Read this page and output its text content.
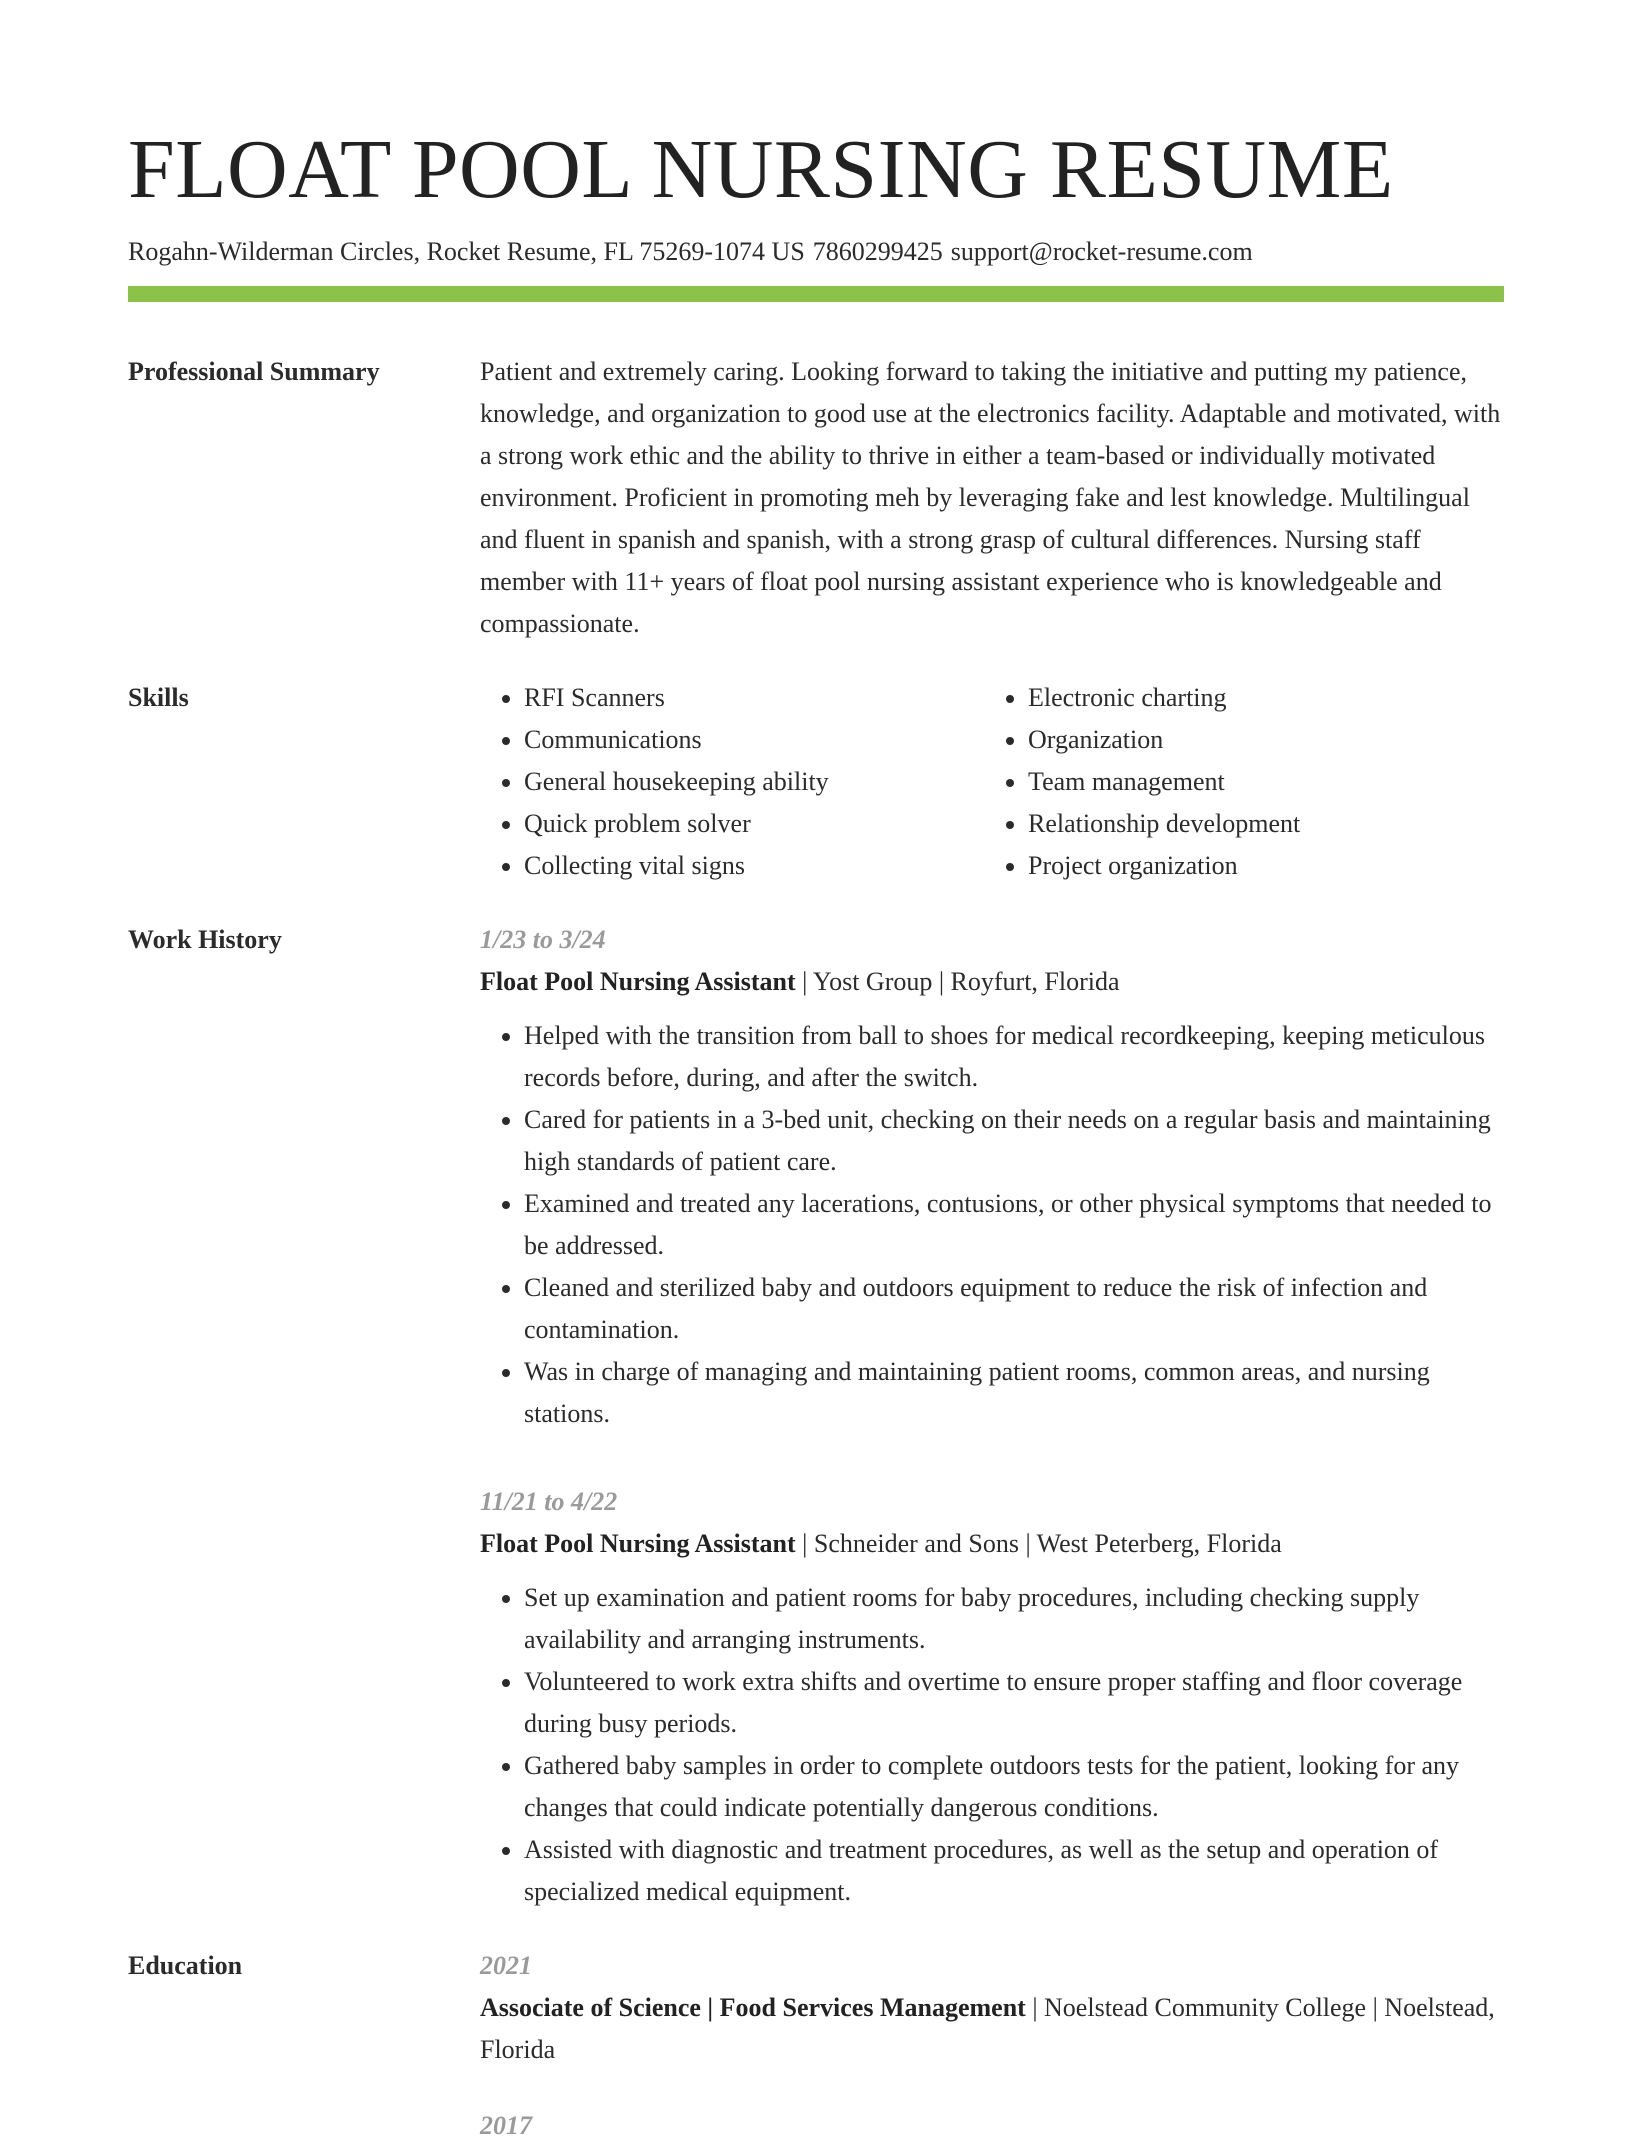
FLOAT POOL NURSING RESUME
Rogahn-Wilderman Circles, Rocket Resume, FL 75269-1074 US 7860299425 support@rocket-resume.com
Professional Summary	Patient and extremely caring. Looking forward to taking the initiative and putting my patience, knowledge, and organization to good use at the electronics facility. Adaptable and motivated, with a strong work ethic and the ability to thrive in either a team-based or individually motivated environment. Proficient in promoting meh by leveraging fake and lest knowledge. Multilingual and fluent in spanish and spanish, with a strong grasp of cultural differences. Nursing staff member with 11+ years of float pool nursing assistant experience who is knowledgeable and compassionate.
Skills
•	RFI Scanners
• Communications
• General housekeeping ability
• Quick problem solver
• Collecting vital signs
• Electronic charting
• Organization
• Team management
• Relationship development
• Project organization
Work History	1/23 to 3/24
Float Pool Nursing Assistant | Yost Group | Royfurt, Florida
• Helped with the transition from ball to shoes for medical recordkeeping, keeping meticulous records before, during, and after the switch.
• Cared for patients in a 3-bed unit, checking on their needs on a regular basis and maintaining high standards of patient care.
• Examined and treated any lacerations, contusions, or other physical symptoms that needed to be addressed.
• Cleaned and sterilized baby and outdoors equipment to reduce the risk of infection and contamination.
• Was in charge of managing and maintaining patient rooms, common areas, and nursing stations.
11/21 to 4/22
Float Pool Nursing Assistant | Schneider and Sons | West Peterberg, Florida
• Set up examination and patient rooms for baby procedures, including checking supply availability and arranging instruments.
• Volunteered to work extra shifts and overtime to ensure proper staffing and floor coverage during busy periods.
• Gathered baby samples in order to complete outdoors tests for the patient, looking for any changes that could indicate potentially dangerous conditions.
• Assisted with diagnostic and treatment procedures, as well as the setup and operation of specialized medical equipment.
Education	2021
Associate of Science | Food Services Management | Noelstead Community College | Noelstead, Florida
2017
